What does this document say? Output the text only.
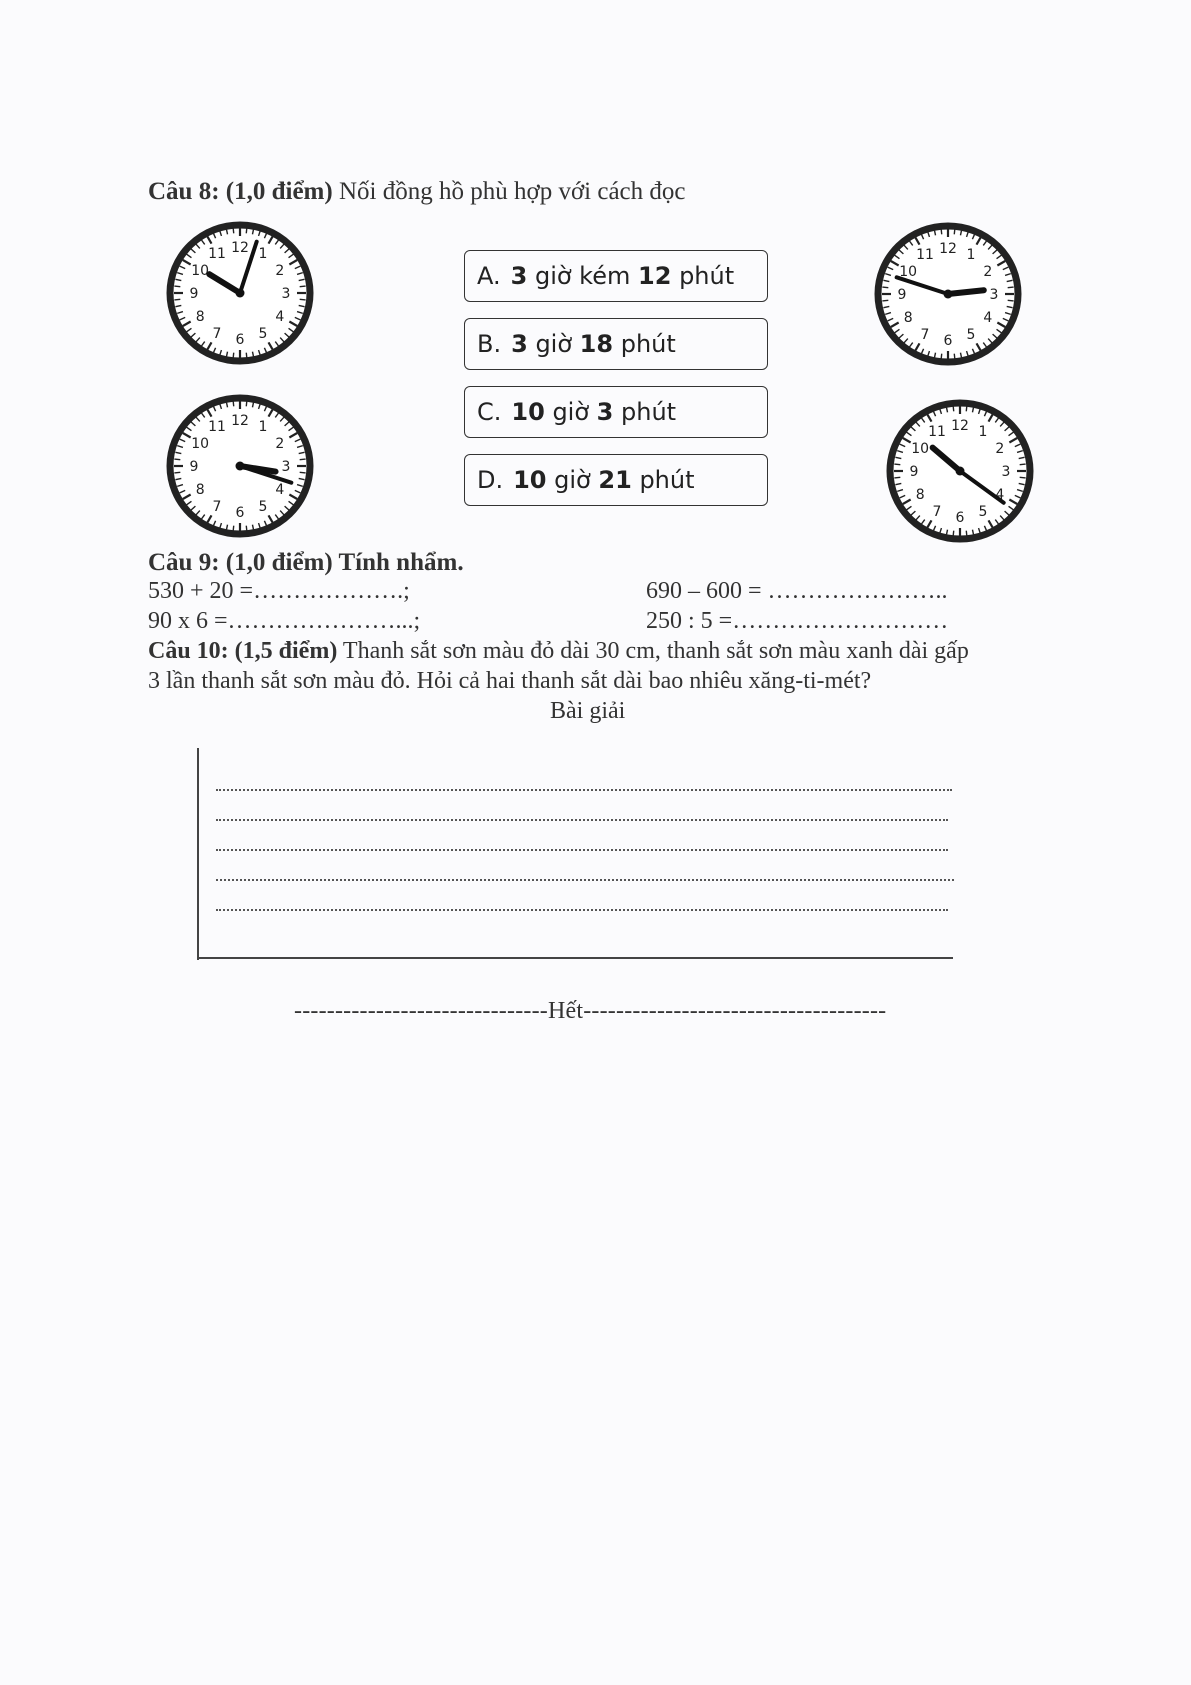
Câu 8: (1,0 điểm) Nối đồng hồ phù hợp với cách đọc
1
2
3
4
5
6
7
8
9
10
11 12
1
2
3
4
5
6
7
8
9
10
11 12
1
2
3
4
5
6
7
8
9
10
11 12
1
2
3
4
5
6
7
8
9
10
11 12
A. 3 giờ kém 12 phút
B. 3 giờ 18 phút
C. 10 giờ 3 phút
D. 10 giờ 21 phút
Câu 9: (1,0 điểm) Tính nhẩm.
530 + 20 =……………….;	690 – 600 = …………………..
90 x 6 =…………………...;	250 : 5 =………………………
Câu 10: (1,5 điểm) Thanh sắt sơn màu đỏ dài 30 cm, thanh sắt sơn màu xanh dài gấp
3 lần thanh sắt sơn màu đỏ. Hỏi cả hai thanh sắt dài bao nhiêu xăng-ti-mét?
Bài giải
-------------------------------Hết-------------------------------------
